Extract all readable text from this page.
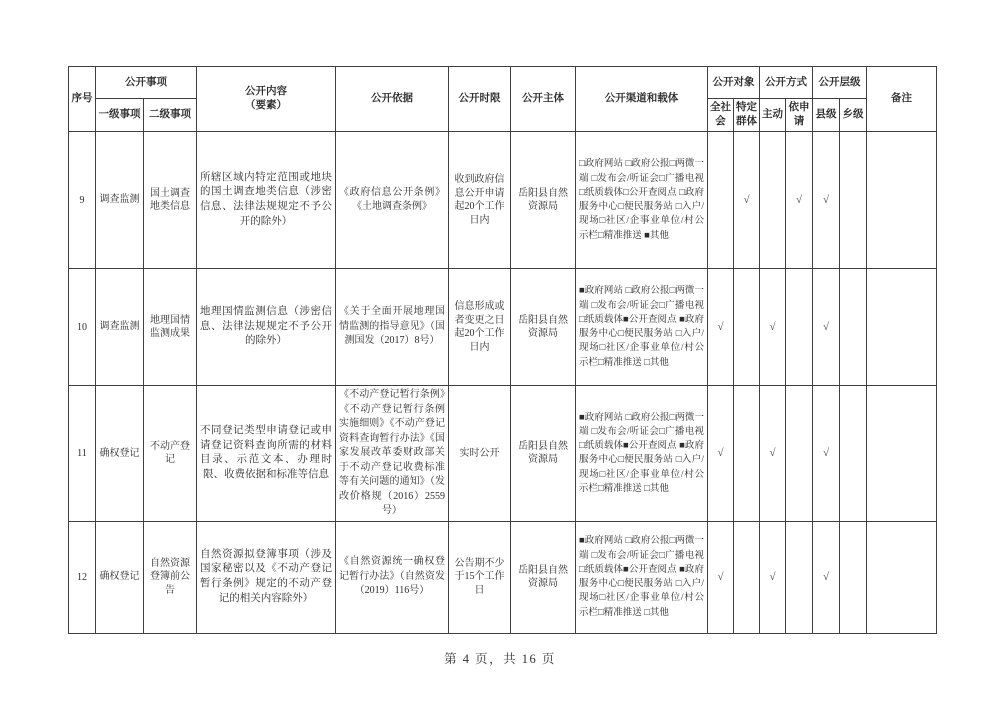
序号	公开事项		公开内容
（要素）	公开依据	公开时限	公开主体	公开渠道和载体	公开对象		公开方式		公开层级		备注
	一级事项	二级事项						全社会	特定群体	主动	依申请	县级	乡级	
9	调查监测	国土调查地类信息	所辖区域内特定范围或地块的国土调查地类信息（涉密信息、法律法规规定不予公开的除外）	《政府信息公开条例》《土地调查条例》	收到政府信息公开申请起20个工作日内	岳阳县自然资源局	□政府网站 □政府公报□两微一端 □发布会/听证会□广播电视 □纸质载体□公开查阅点 □政府服务中心□便民服务站 □入户/现场□社区/企事业单位/村公示栏□精准推送 ■其他		√		√	√		
10	调查监测	地理国情监测成果	地理国情监测信息（涉密信息、法律法规规定不予公开的除外）	《关于全面开展地理国情监测的指导意见》（国测国发（2017）8号）	信息形成或者变更之日起20个工作日内	岳阳县自然资源局	■政府网站 □政府公报□两微一端 □发布会/听证会□广播电视 □纸质载体■公开查阅点 ■政府服务中心□便民服务站 □入户/现场□社区/企事业单位/村公示栏□精准推送 □其他	√		√		√		
11	确权登记	不动产登记	不同登记类型申请登记或申请登记资料查询所需的材料目录、示范文本、办理时限、收费依据和标准等信息	《不动产登记暂行条例》《不动产登记暂行条例实施细则》《不动产登记资料查询暂行办法》《国家发展改革委财政部关于不动产登记收费标准等有关问题的通知》（发改价格规（2016）2559号）	实时公开	岳阳县自然资源局	■政府网站 □政府公报□两微一端 □发布会/听证会□广播电视 □纸质载体■公开查阅点 ■政府服务中心□便民服务站 □入户/现场□社区/企事业单位/村公示栏□精准推送 □其他	√		√		√		
12	确权登记	自然资源登簿前公告	自然资源拟登簿事项（涉及国家秘密以及《不动产登记暂行条例》规定的不动产登记的相关内容除外）	《自然资源统一确权登记暂行办法》（自然资发（2019）116号）	公告期不少于15个工作日	岳阳县自然资源局	■政府网站 □政府公报□两微一端 □发布会/听证会□广播电视 □纸质载体■公开查阅点 ■政府服务中心□便民服务站 □入户/现场□社区/企事业单位/村公示栏□精准推送 □其他	√		√		√		
第 4 页，共 16 页
